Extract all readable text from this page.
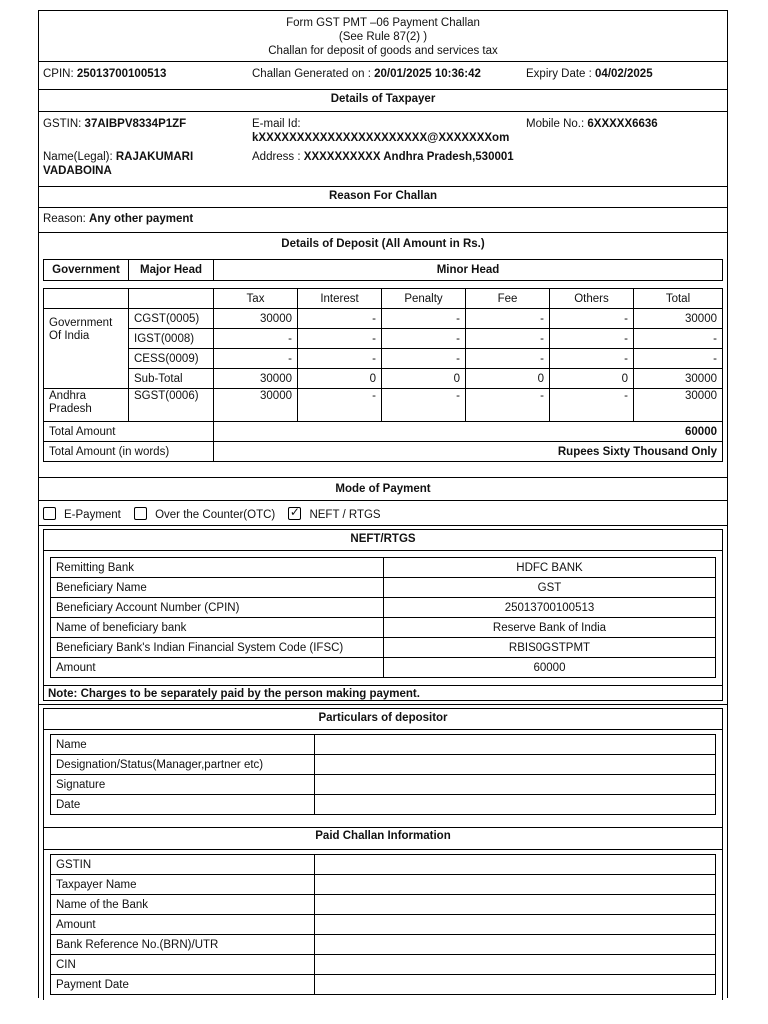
Form GST PMT –06 Payment Challan
(See Rule 87(2) )
Challan for deposit of goods and services tax
CPIN: 25013700100513	Challan Generated on : 20/01/2025 10:36:42	Expiry Date : 04/02/2025
Details of Taxpayer
GSTIN: 37AIBPV8334P1ZF	E-mail Id:
kXXXXXXXXXXXXXXXXXXXXXX@XXXXXXXom
Mobile No.: 6XXXXX6636
Name(Legal): RAJAKUMARI
VADABOINA
Address : XXXXXXXXXX Andhra Pradesh,530001
Reason For Challan
Reason: Any other payment
Details of Deposit (All Amount in Rs.)
Government	Major Head	Minor Head
		Tax	Interest	Penalty	Fee	Others	Total
Government Of India	CGST(0005)	30000	-	-	-	-	30000
	IGST(0008)	-	-	-	-	-	-
	CESS(0009)	-	-	-	-	-	-
	Sub-Total	30000	0	0	0	0	30000
Andhra Pradesh	SGST(0006)	30000	-	-	-	-	30000
Total Amount		60000					
Total Amount (in words)		Rupees Sixty Thousand Only					
Mode of Payment
E-Payment	Over the Counter(OTC) ✓ NEFT / RTGS
NEFT/RTGS
Remitting Bank	HDFC BANK
Beneficiary Name	GST
Beneficiary Account Number (CPIN)	25013700100513
Name of beneficiary bank	Reserve Bank of India
Beneficiary Bank's Indian Financial System Code (IFSC)	RBIS0GSTPMT
Amount	60000
Note: Charges to be separately paid by the person making payment.
Particulars of depositor
Name	
Designation/Status(Manager,partner etc)	
Signature	
Date	
Paid Challan Information
GSTIN	
Taxpayer Name	
Name of the Bank	
Amount	
Bank Reference No.(BRN)/UTR	
CIN	
Payment Date	
